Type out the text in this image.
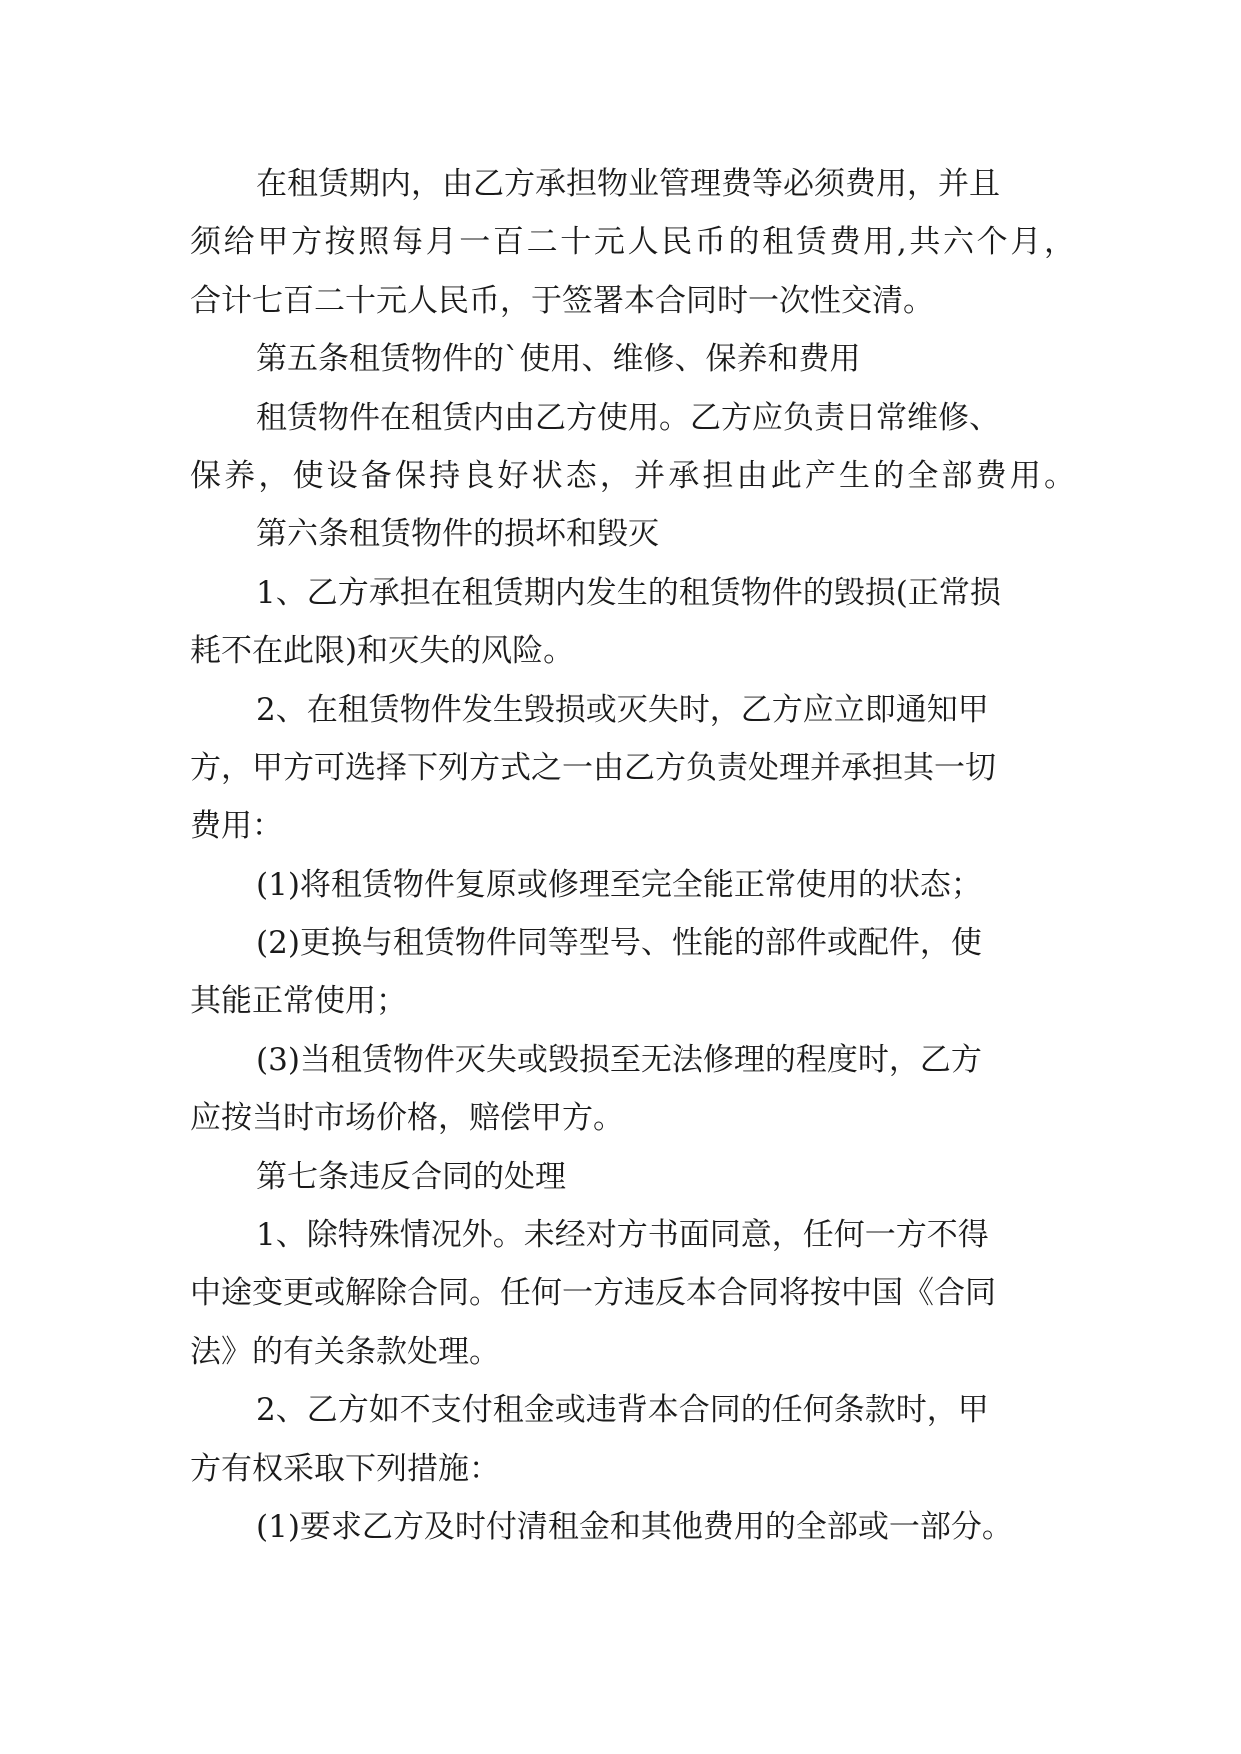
在租赁期内，由乙方承担物业管理费等必须费用，并且
须给甲方按照每月一百二十元人民币的租赁费用,共六个月，
合计七百二十元人民币，于签署本合同时一次性交清。
第五条租赁物件的`使用、维修、保养和费用
租赁物件在租赁内由乙方使用。乙方应负责日常维修、
保养，使设备保持良好状态，并承担由此产生的全部费用。
第六条租赁物件的损坏和毁灭
1、乙方承担在租赁期内发生的租赁物件的毁损(正常损
耗不在此限)和灭失的风险。
2、在租赁物件发生毁损或灭失时，乙方应立即通知甲
方，甲方可选择下列方式之一由乙方负责处理并承担其一切
费用：
(1)将租赁物件复原或修理至完全能正常使用的状态；
(2)更换与租赁物件同等型号、性能的部件或配件，使
其能正常使用；
(3)当租赁物件灭失或毁损至无法修理的程度时，乙方
应按当时市场价格，赔偿甲方。
第七条违反合同的处理
1、除特殊情况外。未经对方书面同意，任何一方不得
中途变更或解除合同。任何一方违反本合同将按中国《合同
法》的有关条款处理。
2、乙方如不支付租金或违背本合同的任何条款时，甲
方有权采取下列措施：
(1)要求乙方及时付清租金和其他费用的全部或一部分。
